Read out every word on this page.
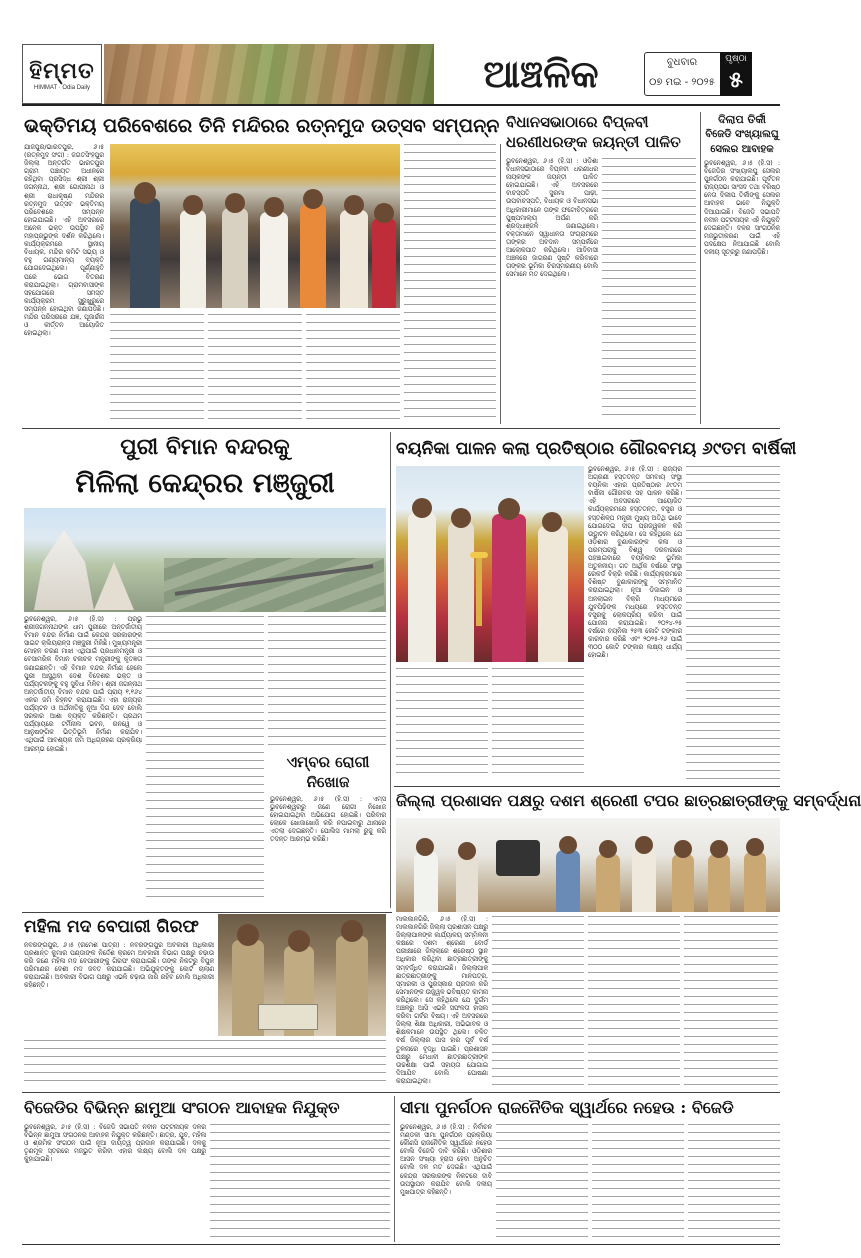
ହିମ୍ମତ
HIMMAT · Odia Daily	ଆଞ୍ଚଳିକ	ବୁଧବାର
୦୭ ମଇ - ୨୦୨୫
ପୃଷ୍ଠା
୫
ଭକ୍ତିମୟ ପରିବେଶରେ ତିନି ମନ୍ଦିରର ରତ୍ନମୁଦ ଉତ୍ସବ ସମ୍ପନ୍ନ
ଯାଜପୁର/ଭାରତପୁର, ୬।୫ (ରତ୍ନମୁଦ ସଂଗ) : ଜଗତସିଂହପୁର ଜିଲ୍ଲା ଅନ୍ତର୍ଗତ ଭାରତପୁର ଗ୍ରାମ ପଞ୍ଚାୟତ ଅଧୀନରେ ରହିଥିବା ପ୍ରସିଦ୍ଧ ଶ୍ରୀ ଶ୍ରୀ ଜଗନ୍ନାଥ, ଶ୍ରୀ ଗୋପୀନାଥ ଓ ଶ୍ରୀ ରାଧାକୃଷ୍ଣ ମନ୍ଦିରର ରତ୍ନମୁଦ ଉତ୍ସବ ଭକ୍ତିମୟ ପରିବେଶରେ ସମ୍ପନ୍ନ ହୋଇଯାଇଛି। ଏହି ଅବସରରେ ଅନେକ ଭକ୍ତ ଉପସ୍ଥିତ ରହି ମହାପ୍ରଭୁଙ୍କ ଦର୍ଶନ କରିଥିଲେ। କାର୍ଯ୍ୟକ୍ରମରେ ସ୍ଥାନୀୟ ବିଧାୟକ, ମନ୍ଦିର କମିଟି ସଭ୍ୟ ଓ ବହୁ ଗଣ୍ୟମାନ୍ୟ ବ୍ୟକ୍ତି ଯୋଗଦେଇଥିଲେ। ପୂର୍ଣ୍ଣାହୁତି ପରେ ଭୋଗ ବିତରଣ କରାଯାଇଥିଲା। ଗ୍ରାମବାସୀଙ୍କ ସହଯୋଗରେ ସମସ୍ତ କାର୍ଯ୍ୟକ୍ରମ ସୁରୁଖୁରୁରେ ସମ୍ପନ୍ନ ହୋଇଥିବା ଜଣାପଡ଼ିଛି। ମନ୍ଦିର ପରିସରରେ ଯଜ୍ଞ, ପୂଜାର୍ଚ୍ଚନା ଓ କୀର୍ତ୍ତନ ଆୟୋଜିତ ହୋଇଥିଲା।
ବିଧାନସଭାଠାରେ ବିପ୍ଳବୀ
ଧରଣୀଧରଙ୍କ ଜୟନ୍ତୀ ପାଳିତ
ଭୁବନେଶ୍ୱର, ୬।୫ (ହି.ସ) : ଓଡ଼ିଶା ବିଧାନସଭାଠାରେ ବିପ୍ଳବୀ ଧରଣୀଧର ନାୟକଙ୍କ ଜୟନ୍ତୀ ପାଳିତ ହୋଇଯାଇଛି। ଏହି ଅବସରରେ ବାଚସ୍ପତି ସୁରମା ପାଢ଼ୀ, ଉପବାଚସ୍ପତି, ବିଧାୟକ ଓ ବିଧାନସଭା ଅଧିକାରୀମାନେ ତାଙ୍କ ଫଟୋଚିତ୍ରରେ ପୁଷ୍ପମାଲ୍ୟ ଅର୍ପଣ କରି ଶ୍ରଦ୍ଧାଞ୍ଜଳି ଜଣାଇଥିଲେ। ବକ୍ତାମାନେ ସ୍ୱାଧୀନତା ସଂଗ୍ରାମରେ ତାଙ୍କର ଅବଦାନ ସମ୍ପର୍କରେ ଆଲୋକପାତ କରିଥିଲେ। ଆଦିବାସୀ ଅଞ୍ଚଳରେ ଜାଗରଣ ସୃଷ୍ଟି କରିବାରେ ତାଙ୍କର ଭୂମିକା ଚିରସ୍ମରଣୀୟ ବୋଲି ସେମାନେ ମତ ଦେଇଥିଲେ।
ଦିଲାପ ତିର୍କୀ
ବିଜେଡି ସଂଖ୍ୟାଲଘୁ
ସେଲର ଆବାହକ
ଭୁବନେଶ୍ୱର, ୬।୫ (ହି.ସ) : ବିଜେଡିର ସଂଖ୍ୟାଲଘୁ ସେଲର ପୁନର୍ଗଠନ କରାଯାଇଛି। ପୂର୍ବତନ ରାଜ୍ୟସଭା ସାଂସଦ ତଥା ବରିଷ୍ଠ ନେତା ଦିଲୀପ ତିର୍କୀଙ୍କୁ ସେଲର ଆବାହକ ଭାବେ ନିଯୁକ୍ତି ଦିଆଯାଇଛି। ବିଜେଡି ସଭାପତି ନବୀନ ପଟ୍ଟନାୟକ ଏହି ନିଯୁକ୍ତି ଦେଇଛନ୍ତି। ଦଳର ସାଂଗଠନିକ ମଜଭୁତୀକରଣ ପାଇଁ ଏହି ପଦକ୍ଷେପ ନିଆଯାଇଛି ବୋଲି ଦଳୀୟ ସୂତ୍ରରୁ ଜଣାପଡ଼ିଛି।
ପୁରୀ ବିମାନ ବନ୍ଦରକୁ
ମିଳିଲା କେନ୍ଦ୍ରର ମଞ୍ଜୁରୀ
ଭୁବନେଶ୍ୱର, ୬।୫ (ହି.ସ) : ପ୍ରଭୁ ଶ୍ରୀଜଗନ୍ନାଥଙ୍କ ଧାମ ପୁରୀରେ ଅନ୍ତର୍ଜାତୀୟ ବିମାନ ବନ୍ଦର ନିର୍ମାଣ ପାଇଁ କେନ୍ଦ୍ର ସରକାରଙ୍କ ସାଇଟ କ୍ଲିୟରାନ୍ସ ମଞ୍ଜୁରୀ ମିଳିଛି। ମୁଖ୍ୟମନ୍ତ୍ରୀ ମୋହନ ଚରଣ ମାଝୀ ଏଥିପାଇଁ ପ୍ରଧାନମନ୍ତ୍ରୀ ଓ ବେସାମରିକ ବିମାନ ଚଳାଚଳ ମନ୍ତ୍ରୀଙ୍କୁ କୃତଜ୍ଞତା ଜଣାଇଛନ୍ତି। ଏହି ବିମାନ ବନ୍ଦର ନିର୍ମାଣ ହେଲେ ପୁରୀ ଆସୁଥିବା ଦେଶ ବିଦେଶର ଭକ୍ତ ଓ ପର୍ଯ୍ୟଟକଙ୍କୁ ବହୁ ସୁବିଧା ମିଳିବ। ଶ୍ରୀ ଜଗନ୍ନାଥ ଅନ୍ତର୍ଜାତୀୟ ବିମାନ ବନ୍ଦର ପାଇଁ ପ୍ରାୟ ୧,୧୬୪ ଏକର ଜମି ଚିହ୍ନଟ କରାଯାଇଛି। ଏହା ରାଜ୍ୟର ପର୍ଯ୍ୟଟନ ଓ ଅର୍ଥନୀତିକୁ ନୂଆ ଦିଗ ଦେବ ବୋଲି ସରକାର ଆଶା ବ୍ୟକ୍ତ କରିଛନ୍ତି। ପ୍ରଥମ ପର୍ଯ୍ୟାୟରେ ଟର୍ମିନାଲ ଭବନ, ରନୱେ ଓ ଆନୁଷଙ୍ଗିକ ଭିତ୍ତିଭୂମି ନିର୍ମାଣ କରାଯିବ। ଏଥିପାଇଁ ଆବଶ୍ୟକ ଜମି ଅଧିଗ୍ରହଣ ପ୍ରକ୍ରିୟା ଆରମ୍ଭ ହୋଇଛି।
ବୟନିକା ପାଳନ କଲା ପ୍ରତିଷ୍ଠାର ଗୌରବମୟ ୬୯ତମ ବାର୍ଷିକୀ
ଭୁବନେଶ୍ୱର, ୬।୫ (ହି.ସ) : ରାଜ୍ୟର ଅଗ୍ରଣୀ ହସ୍ତତନ୍ତ ସମବାୟ ସଂସ୍ଥା ବୟନିକା ଏହାର ପ୍ରତିଷ୍ଠାର ୬୯ତମ ବାର୍ଷିକୀ ଗୌରବର ସହ ପାଳନ କରିଛି। ଏହି ଅବସରରେ ଆୟୋଜିତ କାର୍ଯ୍ୟକ୍ରମରେ ହସ୍ତତନ୍ତ, ବସ୍ତ୍ର ଓ ହସ୍ତଶିଳ୍ପ ମନ୍ତ୍ରୀ ମୁଖ୍ୟ ଅତିଥି ଭାବେ ଯୋଗଦେଇ ଦୀପ ପ୍ରଜ୍ୱଳନ କରି ଉଦ୍ଘାଟନ କରିଥିଲେ। ସେ କହିଥିଲେ ଯେ ଓଡ଼ିଶାର ବୁଣାକାରଙ୍କ କଳା ଓ ପରମ୍ପରାକୁ ବିଶ୍ୱ ଦରବାରରେ ପହଞ୍ଚାଇବାରେ ବୟନିକାର ଭୂମିକା ଅତୁଳନୀୟ। ଗତ ଆର୍ଥିକ ବର୍ଷରେ ସଂସ୍ଥା ରେକର୍ଡ ବିକ୍ରି କରିଛି। କାର୍ଯ୍ୟକ୍ରମରେ ବିଶିଷ୍ଟ ବୁଣାକାରଙ୍କୁ ସମ୍ମାନିତ କରାଯାଇଥିଲା। ନୂଆ ଡିଜାଇନ ଓ ଅନଲାଇନ ବିକ୍ରି ମାଧ୍ୟମରେ ଯୁବପିଢ଼ିଙ୍କ ମଧ୍ୟରେ ହସ୍ତତନ୍ତ ବସ୍ତ୍ରକୁ ଲୋକପ୍ରିୟ କରିବା ପାଇଁ ଯୋଜନା କରାଯାଇଛି। ୨୦୨୪-୨୫ ବର୍ଷରେ ବୟନିକା ୨୫୩ କୋଟି ଟଙ୍କାର କାରବାର କରିଛି ଏବଂ ୨୦୨୫-୨୬ ପାଇଁ ୩୦୦ କୋଟି ଟଙ୍କାର ଲକ୍ଷ୍ୟ ଧାର୍ଯ୍ୟ ହୋଇଛି।
ଏମ୍ବର ରୋଗୀ
ନିଖୋଜ
ଭୁବନେଶ୍ୱର, ୬।୫ (ହି.ସ) : ଏମ୍ସ ଭୁବନେଶ୍ୱରରୁ ଜଣେ ରୋଗୀ ନିଖୋଜ ହୋଇଯାଇଥିବା ଅଭିଯୋଗ ହୋଇଛି। ପରିବାର ଲୋକେ ଖୋଜାଖୋଜି କରି ନପାଇବାରୁ ଥାନାରେ ଏତଲା ଦେଇଛନ୍ତି। ପୋଲିସ ମାମଲା ରୁଜୁ କରି ତଦନ୍ତ ଆରମ୍ଭ କରିଛି।
ଜିଲ୍ଲା ପ୍ରଶାସନ ପକ୍ଷରୁ ଦଶମ ଶ୍ରେଣୀ ଟପର ଛାତ୍ରଛାତ୍ରୀଙ୍କୁ ସମ୍ବର୍ଦ୍ଧନା
ମହିଳା ମଦ ବେପାରୀ ଗିରଫ
ନବରଙ୍ଗପୁର, ୬।୫ (ରମେଶ ପାତ୍ର) : ନବରଙ୍ଗପୁର ଅବକାରୀ ଅଧିକାରୀ ପ୍ରଶାନ୍ତ କୁମାର ପଣ୍ଡାଙ୍କ ନିର୍ଦ୍ଦେଶ କ୍ରମେ ଅବକାରୀ ବିଭାଗ ପକ୍ଷରୁ ଚଢ଼ାଉ କରି ଜଣେ ମହିଳା ମଦ ବେପାରୀଙ୍କୁ ଗିରଫ କରାଯାଇଛି। ତାଙ୍କ ନିକଟରୁ ବିପୁଳ ପରିମାଣର ଦେଶୀ ମଦ ଜବତ କରାଯାଇଛି। ଅଭିଯୁକ୍ତଙ୍କୁ କୋର୍ଟ ଚାଲାଣ କରାଯାଇଛି। ଅବକାରୀ ବିଭାଗ ପକ୍ଷରୁ ଏଭଳି ଚଢ଼ାଉ ଜାରି ରହିବ ବୋଲି ଅଧିକାରୀ କହିଛନ୍ତି।
ମାଲକାନଗିରି, ୬।୫ (ହି.ସ) : ମାଲକାନଗିରି ଜିଲ୍ଲା ପ୍ରଶାସନ ପକ୍ଷରୁ ଜିଲ୍ଲାପାଳଙ୍କ କାର୍ଯ୍ୟାଳୟ ସମ୍ମିଳନୀ କକ୍ଷରେ ଦଶମ ଶ୍ରେଣୀ ବୋର୍ଡ ପରୀକ୍ଷାରେ ଜିଲ୍ଲାରେ ଶ୍ରେଷ୍ଠ ସ୍ଥାନ ଅଧିକାର କରିଥିବା ଛାତ୍ରଛାତ୍ରୀଙ୍କୁ ସମ୍ବର୍ଦ୍ଧିତ କରାଯାଇଛି। ଜିଲ୍ଲାପାଳ ଛାତ୍ରଛାତ୍ରୀଙ୍କୁ ମାନପତ୍ର, ସ୍ମାରକୀ ଓ ପୁରସ୍କାର ପ୍ରଦାନ କରି ସେମାନଙ୍କ ଉଜ୍ଜ୍ୱଳ ଭବିଷ୍ୟତ କାମନା କରିଥିଲେ। ସେ କହିଥିଲେ ଯେ ଦୁର୍ଗମ ଅଞ୍ଚଳରୁ ଆସି ଏଭଳି ସଫଳତା ହାସଲ କରିବା ଗର୍ବର ବିଷୟ। ଏହି ଅବସରରେ ଜିଲ୍ଲା ଶିକ୍ଷା ଅଧିକାରୀ, ଅଭିଭାବକ ଓ ଶିକ୍ଷକମାନେ ଉପସ୍ଥିତ ଥିଲେ। ଚଳିତ ବର୍ଷ ଜିଲ୍ଲାର ପାସ ହାର ପୂର୍ବ ବର୍ଷ ତୁଳନାରେ ବୃଦ୍ଧି ପାଇଛି। ପ୍ରଶାସନ ପକ୍ଷରୁ ମେଧାବୀ ଛାତ୍ରଛାତ୍ରୀଙ୍କ ଉଚ୍ଚଶିକ୍ଷା ପାଇଁ ସହାୟତା ଯୋଗାଇ ଦିଆଯିବ ବୋଲି ଘୋଷଣା କରାଯାଇଥିଲା।
ବିଜେଡିର ବିଭିନ୍ନ ଛାମୁଆ ସଂଗଠନ ଆବାହକ ନିଯୁକ୍ତ
ଭୁବନେଶ୍ୱର, ୬।୫ (ହି.ସ) : ବିଜେଡି ସଭାପତି ନବୀନ ପଟ୍ଟନାୟକ ଦଳର ବିଭିନ୍ନ ଛାମୁଆ ସଂଗଠନର ଆବାହକ ନିଯୁକ୍ତ କରିଛନ୍ତି। ଛାତ୍ର, ଯୁବ, ମହିଳା ଓ ଶ୍ରମିକ ସଂଗଠନ ପାଇଁ ନୂଆ ଦାୟିତ୍ୱ ପ୍ରଦାନ କରାଯାଇଛି। ଦଳକୁ ତୃଣମୂଳ ସ୍ତରରେ ମଜଭୁତ କରିବା ଏହାର ଲକ୍ଷ୍ୟ ବୋଲି ଦଳ ପକ୍ଷରୁ କୁହାଯାଇଛି।
ସୀମା ପୁନର୍ଗଠନ ରାଜନୈତିକ ସ୍ୱାର୍ଥରେ ନହେଉ : ବିଜେଡି
ଭୁବନେଶ୍ୱର, ୬।୫ (ହି.ସ) : ନିର୍ବାଚନ ମଣ୍ଡଳୀ ସୀମା ପୁନର୍ଗଠନ ପ୍ରକ୍ରିୟା କୌଣସି ରାଜନୈତିକ ସ୍ୱାର୍ଥରେ ନହେଉ ବୋଲି ବିଜେଡି ଦାବି କରିଛି। ଓଡ଼ିଶାର ଆସନ ସଂଖ୍ୟା ହ୍ରାସ ହେବା ଅନୁଚିତ ବୋଲି ଦଳ ମତ ଦେଇଛି। ଏଥିପାଇଁ କେନ୍ଦ୍ର ସରକାରଙ୍କ ନିକଟରେ ଦାବି ଉପସ୍ଥାପନ କରାଯିବ ବୋଲି ଦଳୀୟ ମୁଖପାତ୍ର କହିଛନ୍ତି।
